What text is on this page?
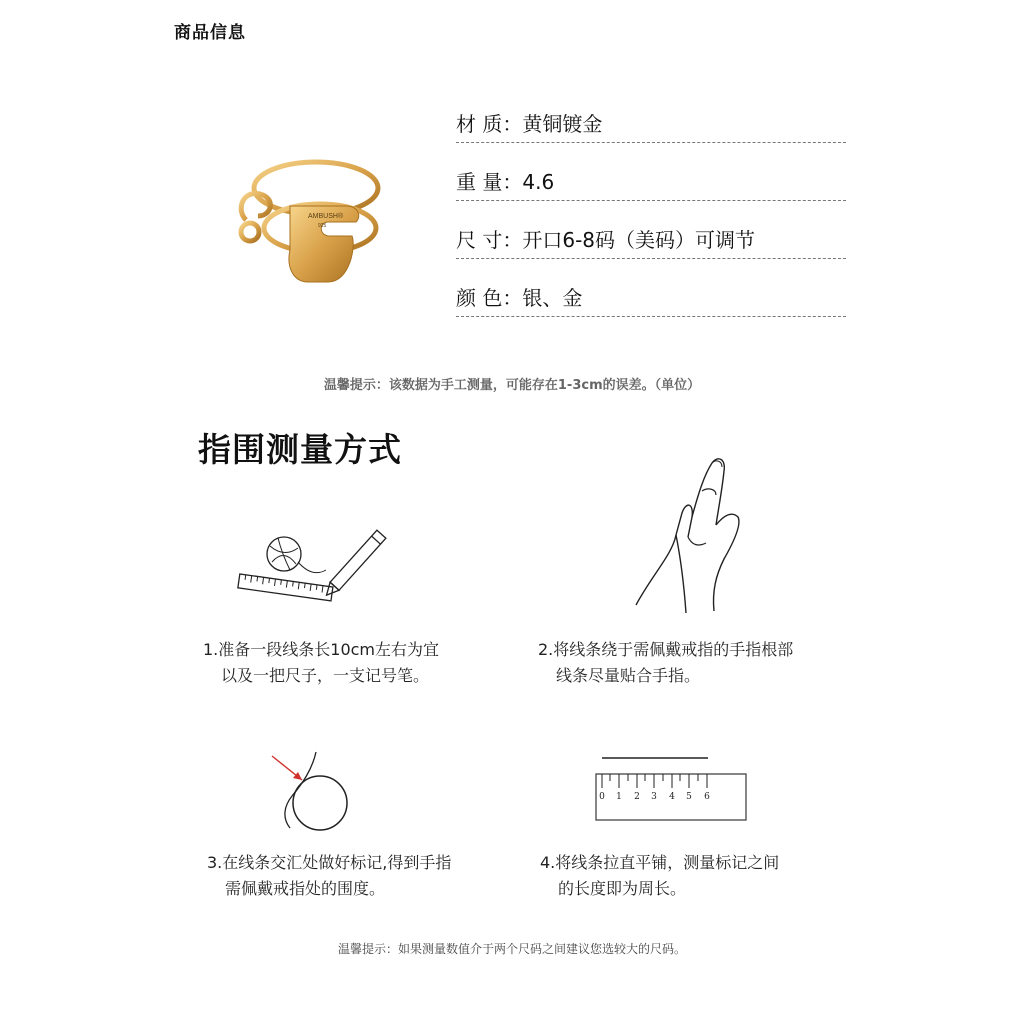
商品信息
AMBUSH®
925
材 质：黄铜镀金
重 量：4.6
尺 寸：开口6-8码（美码）可调节
颜 色：银、金
温馨提示：该数据为手工测量，可能存在1-3cm的误差。（单位）
指围测量方式
1.准备一段线条长10cm左右为宜
以及一把尺子，一支记号笔。
2.将线条绕于需佩戴戒指的手指根部
线条尽量贴合手指。
0 1 2 3 4 5 6
3.在线条交汇处做好标记,得到手指
需佩戴戒指处的围度。
4.将线条拉直平铺，测量标记之间
的长度即为周长。
温馨提示：如果测量数值介于两个尺码之间建议您选较大的尺码。
